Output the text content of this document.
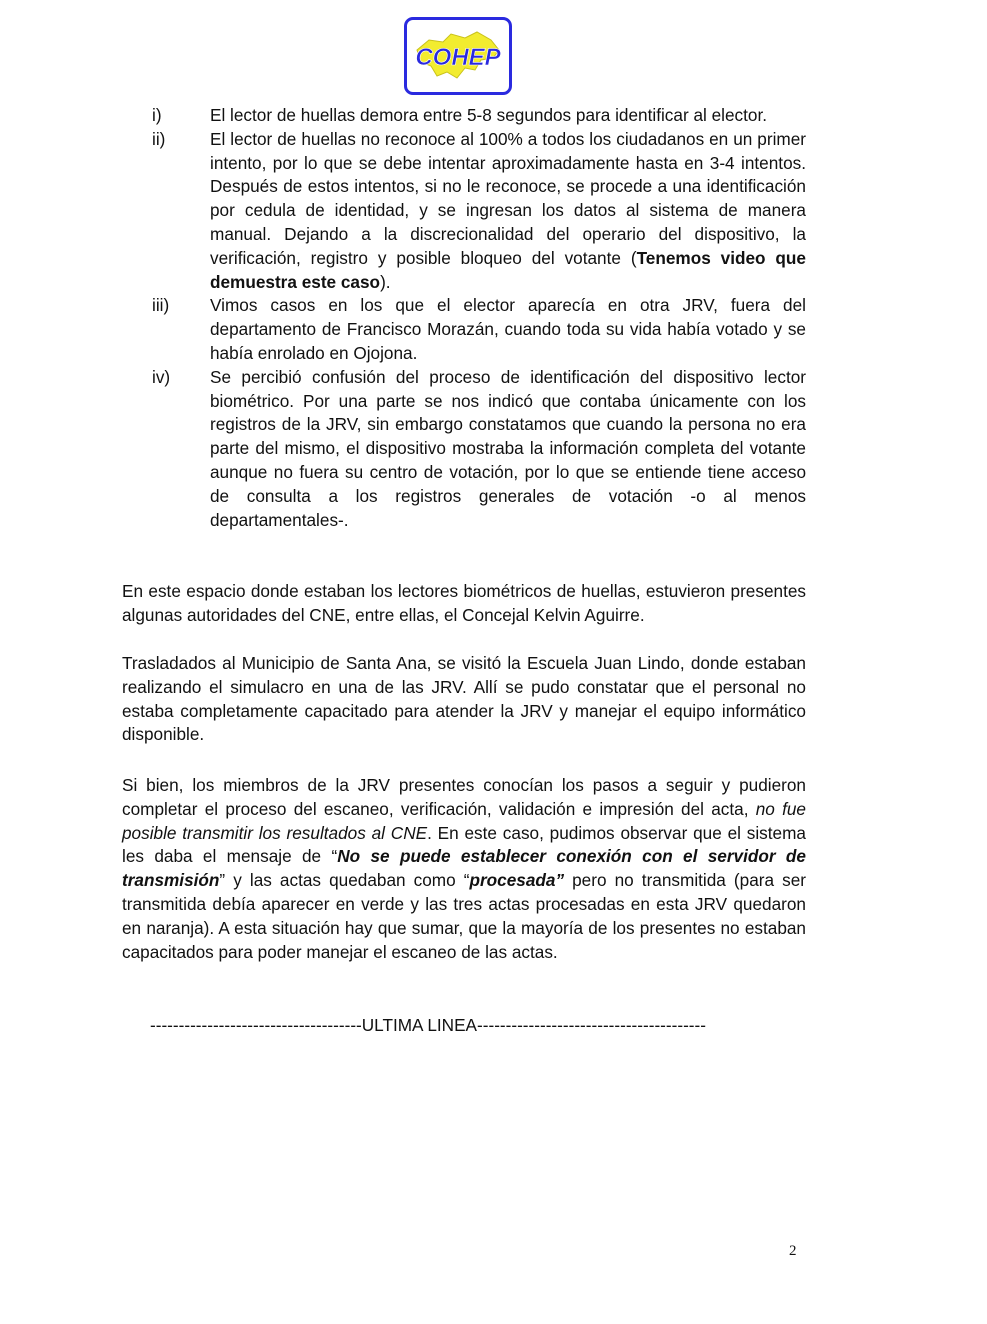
COHEP
i)	El lector de huellas demora entre 5-8 segundos para identificar al elector.
ii)	El lector de huellas no reconoce al 100% a todos los ciudadanos en un primer intento, por lo que se debe intentar aproximadamente hasta en 3-4 intentos. Después de estos intentos, si no le reconoce, se procede a una identificación por cedula de identidad, y se ingresan los datos al sistema de manera manual. Dejando a la discrecionalidad del operario del dispositivo, la verificación, registro y posible bloqueo del votante (Tenemos video que demuestra este caso).
iii) Vimos casos en los que el elector aparecía en otra JRV, fuera del departamento de Francisco Morazán, cuando toda su vida había votado y se había enrolado en Ojojona.
iv) Se percibió confusión del proceso de identificación del dispositivo lector biométrico. Por una parte se nos indicó que contaba únicamente con los registros de la JRV, sin embargo constatamos que cuando la persona no era parte del mismo, el dispositivo mostraba la información completa del votante aunque no fuera su centro de votación, por lo que se entiende tiene acceso de consulta a los registros generales de votación -o al menos departamentales-.
En este espacio donde estaban los lectores biométricos de huellas, estuvieron presentes algunas autoridades del CNE, entre ellas, el Concejal Kelvin Aguirre.
Trasladados al Municipio de Santa Ana, se visitó la Escuela Juan Lindo, donde estaban realizando el simulacro en una de las JRV. Allí se pudo constatar que el personal no estaba completamente capacitado para atender la JRV y manejar el equipo informático disponible.
Si bien, los miembros de la JRV presentes conocían los pasos a seguir y pudieron completar el proceso del escaneo, verificación, validación e impresión del acta, no fue posible transmitir los resultados al CNE. En este caso, pudimos observar que el sistema les daba el mensaje de “No se puede establecer conexión con el servidor de transmisión” y las actas quedaban como “procesada” pero no transmitida (para ser transmitida debía aparecer en verde y las tres actas procesadas en esta JRV quedaron en naranja). A esta situación hay que sumar, que la mayoría de los presentes no estaban capacitados para poder manejar el escaneo de las actas.
-------------------------------------ULTIMA LINEA----------------------------------------
2
